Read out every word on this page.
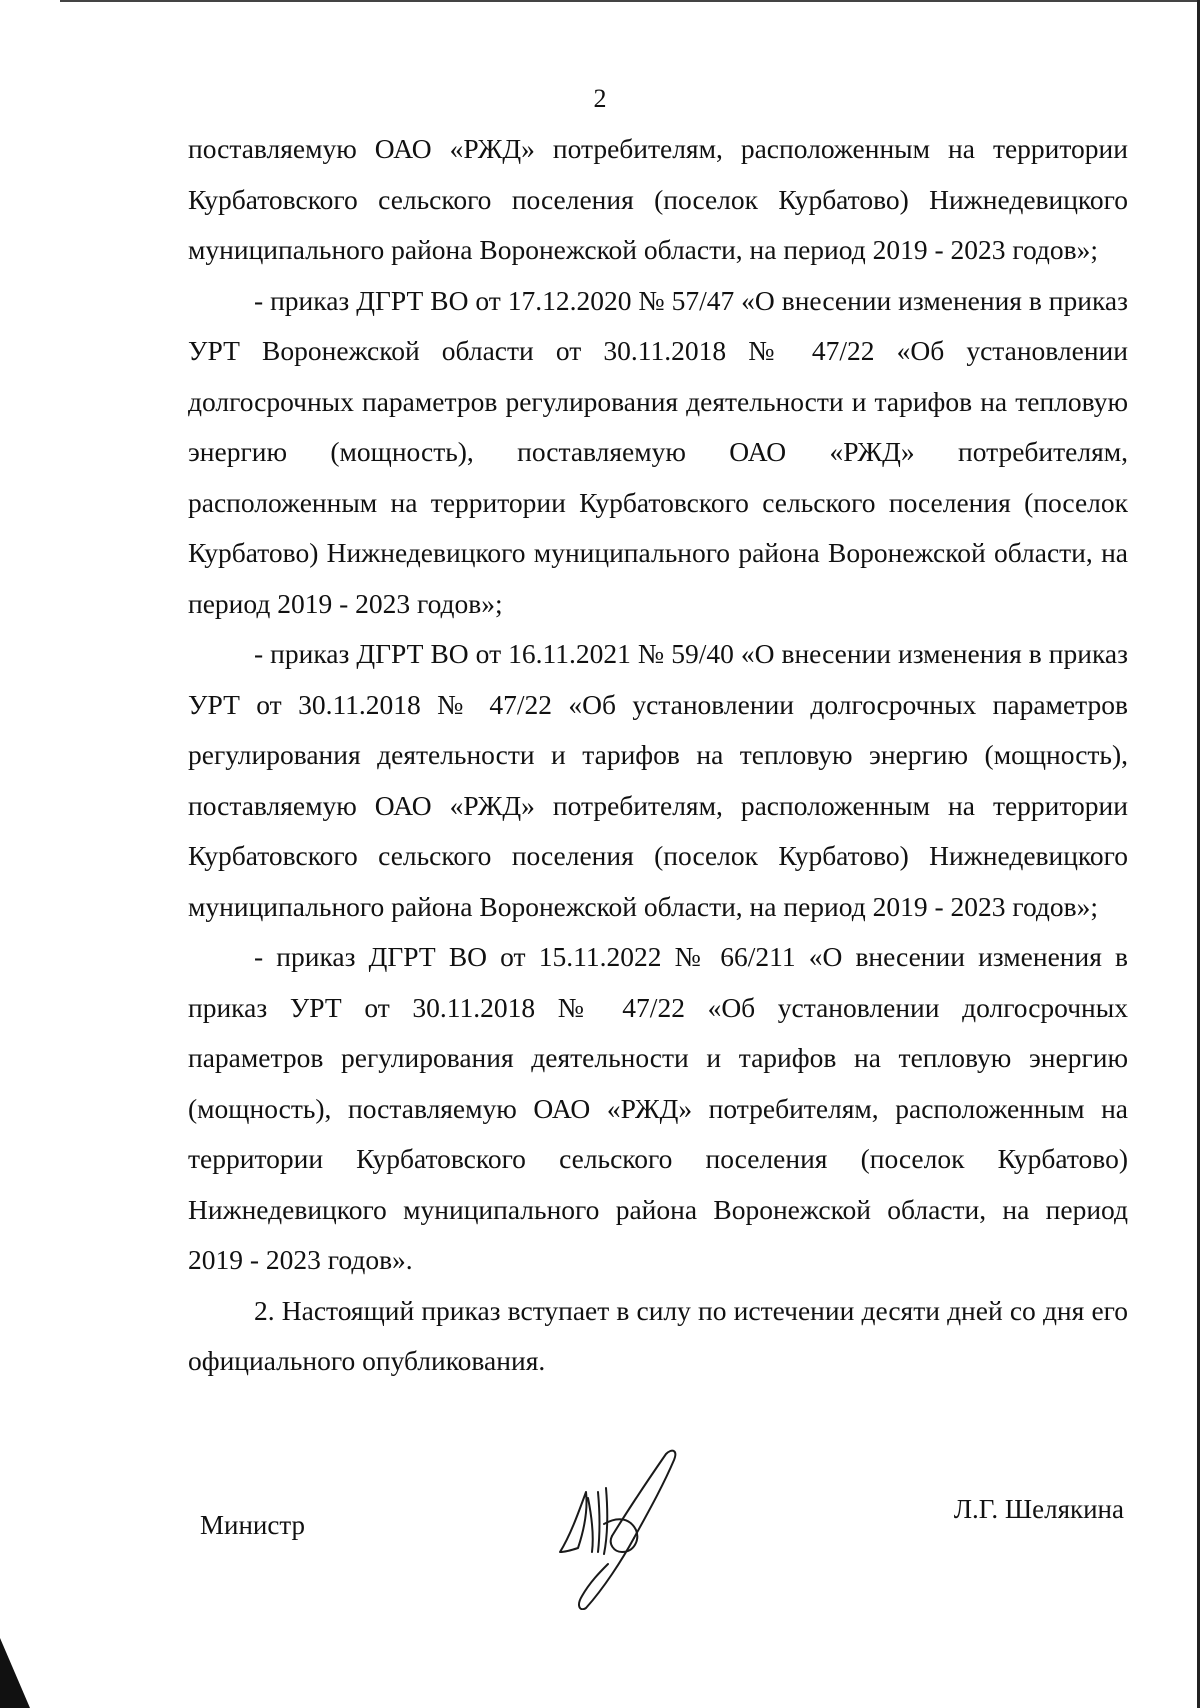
2

поставляемую ОАО «РЖД» потребителям, расположенным на территории Курбатовского сельского поселения (поселок Курбатово) Нижнедевицкого муниципального района Воронежской области, на период 2019 - 2023 годов»;

- приказ ДГРТ ВО от 17.12.2020 № 57/47 «О внесении изменения в приказ УРТ Воронежской области от 30.11.2018 № 47/22 «Об установлении долгосрочных параметров регулирования деятельности и тарифов на тепловую энергию (мощность), поставляемую ОАО «РЖД» потребителям, расположенным на территории Курбатовского сельского поселения (поселок Курбатово) Нижнедевицкого муниципального района Воронежской области, на период 2019 - 2023 годов»;

- приказ ДГРТ ВО от 16.11.2021 № 59/40 «О внесении изменения в приказ УРТ от 30.11.2018 № 47/22 «Об установлении долгосрочных параметров регулирования деятельности и тарифов на тепловую энергию (мощность), поставляемую ОАО «РЖД» потребителям, расположенным на территории Курбатовского сельского поселения (поселок Курбатово) Нижнедевицкого муниципального района Воронежской области, на период 2019 - 2023 годов»;

- приказ ДГРТ ВО от 15.11.2022 № 66/211 «О внесении изменения в приказ УРТ от 30.11.2018 № 47/22 «Об установлении долгосрочных параметров регулирования деятельности и тарифов на тепловую энергию (мощность), поставляемую ОАО «РЖД» потребителям, расположенным на территории Курбатовского сельского поселения (поселок Курбатово) Нижнедевицкого муниципального района Воронежской области, на период 2019 - 2023 годов».

2. Настоящий приказ вступает в силу по истечении десяти дней со дня его официального опубликования.

Министр
Л.Г. Шелякина
